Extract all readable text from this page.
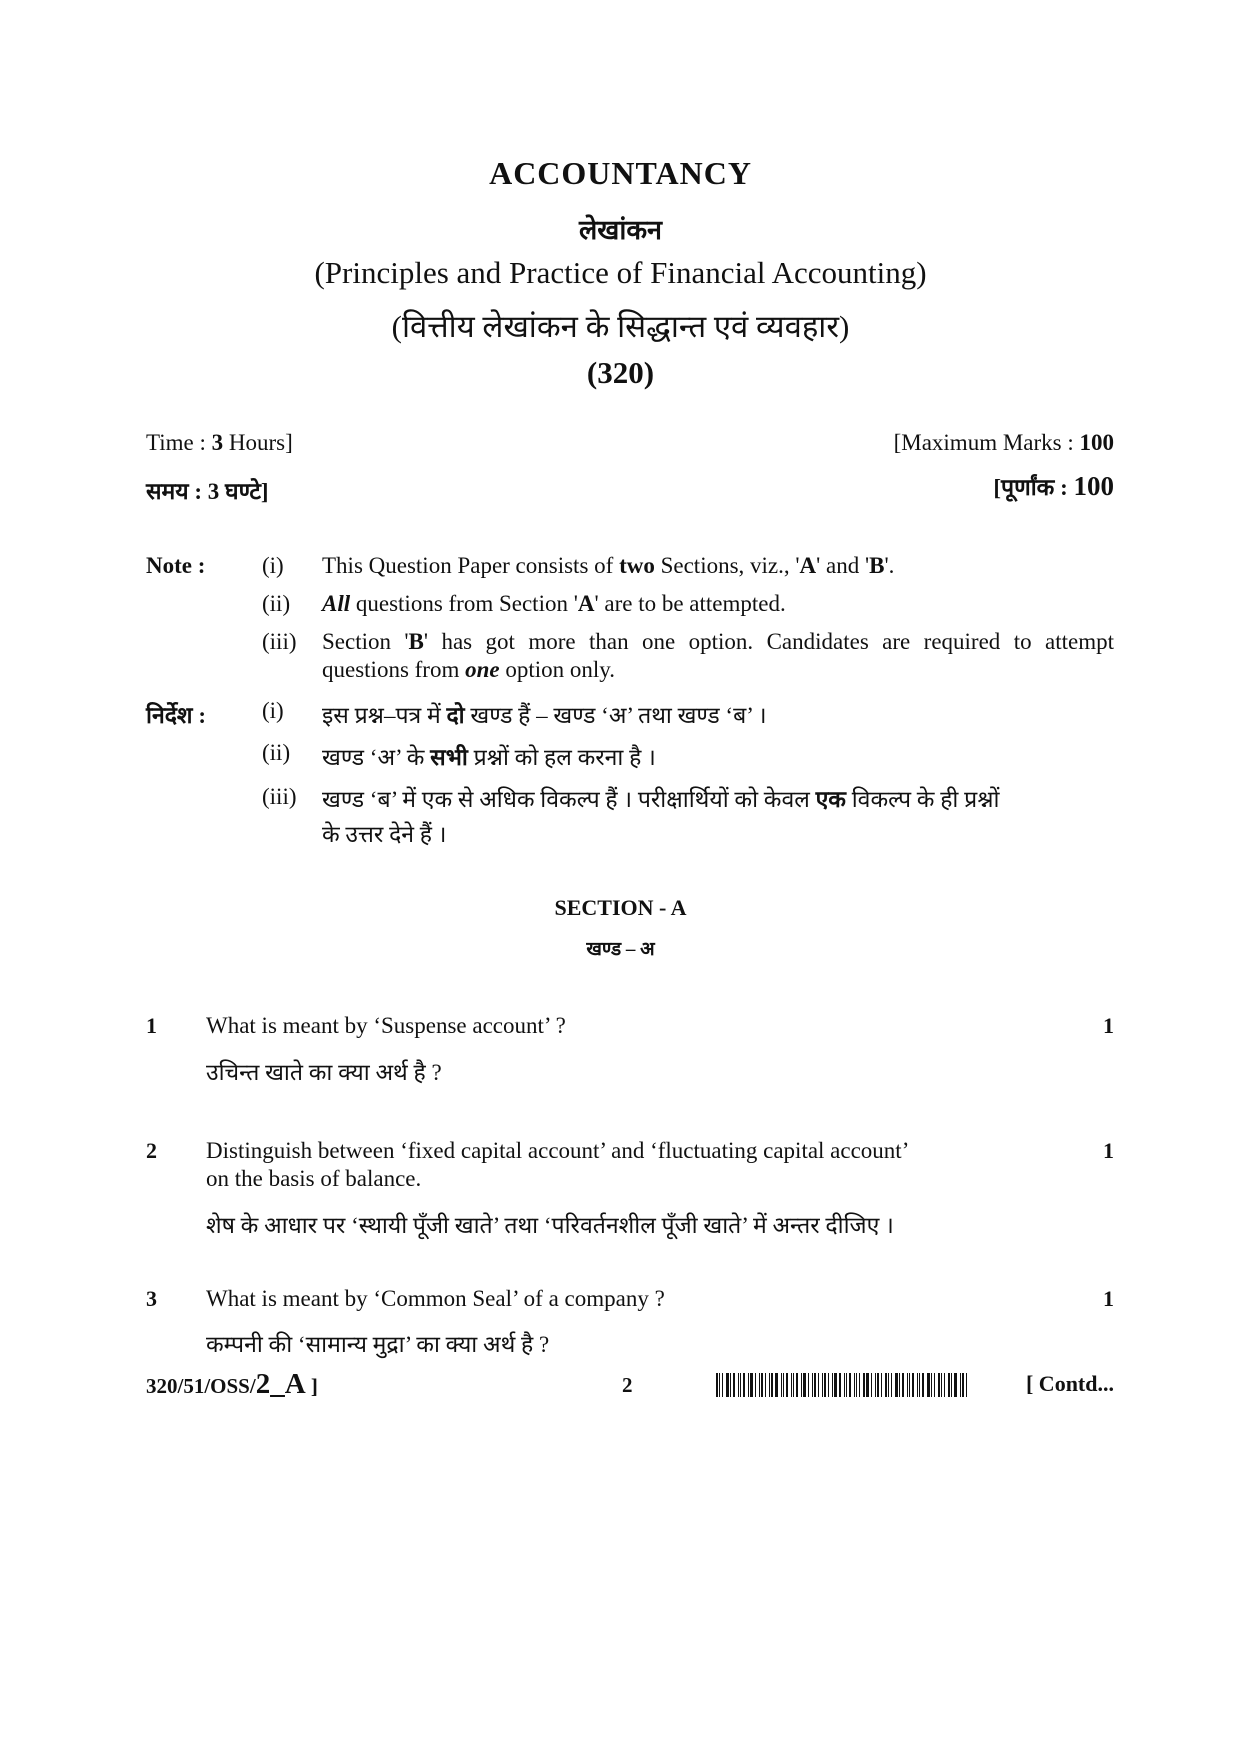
ACCOUNTANCY
लेखांकन
(Principles and Practice of Financial Accounting)
(वित्तीय लेखांकन के सिद्धान्त एवं व्यवहार)
(320)
Time : 3 Hours]	[Maximum Marks : 100
समय : 3 घण्टे]	[पूर्णांक : 100
Note : (i) This Question Paper consists of two Sections, viz., 'A' and 'B'.
(ii) All questions from Section 'A' are to be attempted.
(iii) Section 'B' has got more than one option. Candidates are required to attempt
questions from one option only.
निर्देश : (i) इस प्रश्न–पत्र में दो खण्ड हैं – खण्ड ‘अ’ तथा खण्ड ‘ब’ ।
(ii) खण्ड ‘अ’ के सभी प्रश्नों को हल करना है ।
(iii) खण्ड ‘ब’ में एक से अधिक विकल्प हैं । परीक्षार्थियों को केवल एक विकल्प के ही प्रश्नों
के उत्तर देने हैं ।
SECTION - A
खण्ड – अ
1 What is meant by ‘Suspense account’ ?	1
उचिन्त खाते का क्या अर्थ है ?
2 Distinguish between ‘fixed capital account’ and ‘fluctuating capital account’	1
on the basis of balance.
शेष के आधार पर ‘स्थायी पूँजी खाते’ तथा ‘परिवर्तनशील पूँजी खाते’ में अन्तर दीजिए ।
3 What is meant by ‘Common Seal’ of a company ?	1
कम्पनी की ‘सामान्य मुद्रा’ का क्या अर्थ है ?
320/51/OSS/2_A ]	2	[ Contd...
